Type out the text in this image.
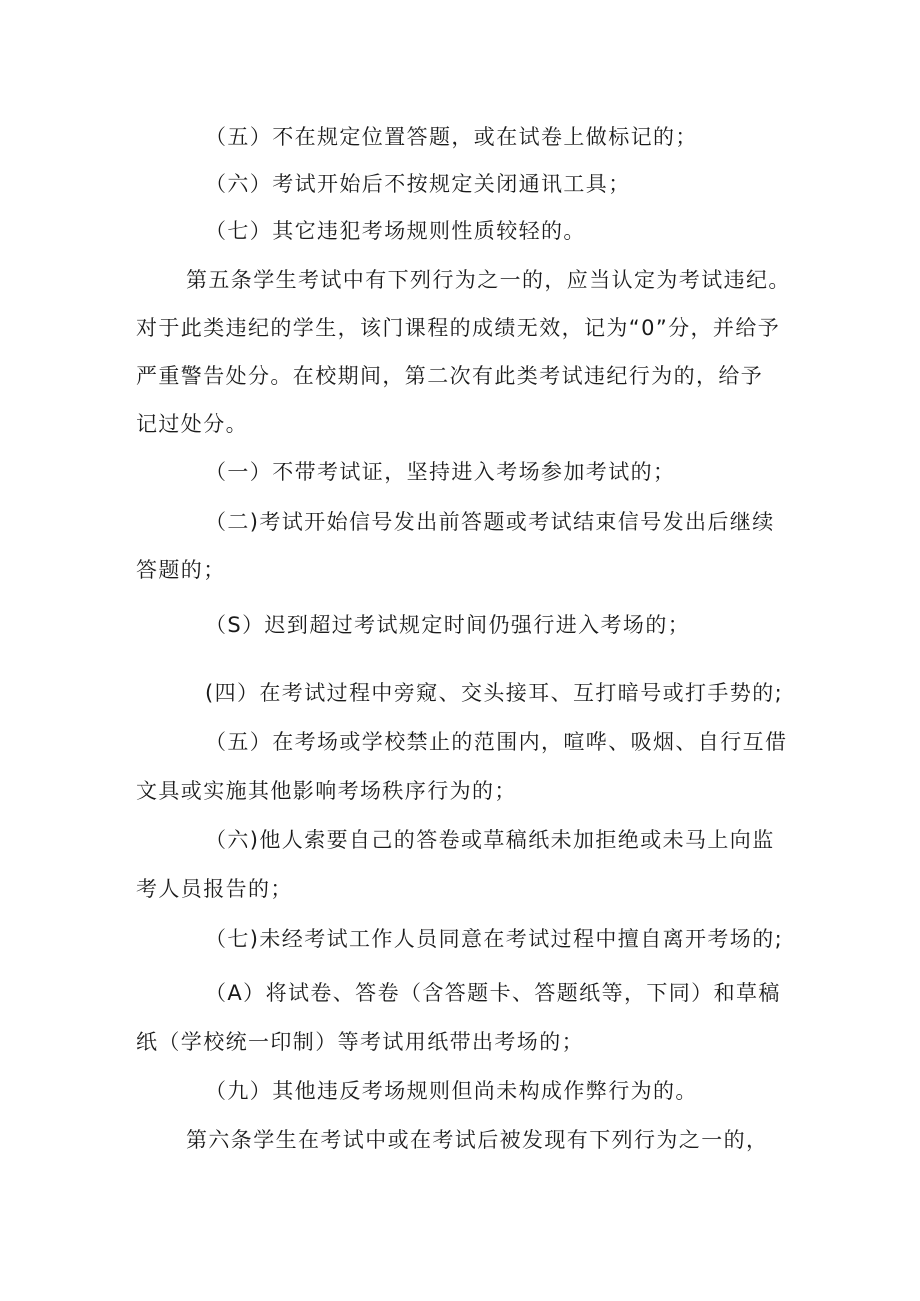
（五）不在规定位置答题，或在试卷上做标记的；
（六）考试开始后不按规定关闭通讯工具；
（七）其它违犯考场规则性质较轻的。
第五条学生考试中有下列行为之一的，应当认定为考试违纪。
对于此类违纪的学生，该门课程的成绩无效，记为“0”分，并给予
严重警告处分。在校期间，第二次有此类考试违纪行为的，给予
记过处分。
（一）不带考试证，坚持进入考场参加考试的；
（二)考试开始信号发出前答题或考试结束信号发出后继续
答题的；
（S）迟到超过考试规定时间仍强行进入考场的；
(四）在考试过程中旁窥、交头接耳、互打暗号或打手势的;
（五）在考场或学校禁止的范围内，喧哗、吸烟、自行互借
文具或实施其他影响考场秩序行为的；
（六)他人索要自己的答卷或草稿纸未加拒绝或未马上向监
考人员报告的；
（七)未经考试工作人员同意在考试过程中擅自离开考场的;
（A）将试卷、答卷（含答题卡、答题纸等，下同）和草稿
纸（学校统一印制）等考试用纸带出考场的；
（九）其他违反考场规则但尚未构成作弊行为的。
第六条学生在考试中或在考试后被发现有下列行为之一的，
